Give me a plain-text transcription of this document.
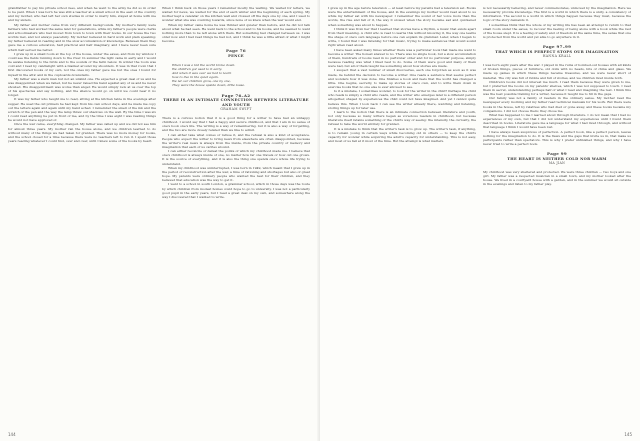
grandfather to pay his private school fees, and when he went to the army he did so in order to be paid. When I was born he was still a teacher at a small school in the east of the country and my mother, who had left her own studies in order to marry him, stayed at home with me and my sisters.

My father and mother came from very different backgrounds. My mother's family were farmers who had worked the same land for generations, while my father's people were clerks and schoolmasters who had moved from town to town with their books. In our house the two worlds met, and not always peacefully. My mother believed in hard work and plain speaking; my father believed in reading and in the slow accumulation of knowledge. Between them they gave me a curious education, half practical and half imaginary, and I have never been sure which half served me better.

I grew up in a small room at the top of the house, under the eaves, and from my window I could see the fields running down to the river. In summer the light came in early and I would lie awake listening to the birds and to the sounds of the farm below. In winter the room was cold and I read by candlelight with a blanket around my shoulders. It was in that room that I first discovered books of my own, not the ones my father gave me but the ones I found for myself in the attic and in the cupboards downstairs.

My father was a stern man but not an unkind one. He expected a great deal of us and he was disappointed when we failed, but he never raised his hand against any of us and he never shouted. His disappointment was worse than anger. He would simply look at us over the top of his spectacles and say nothing, and the silence would go on until we could bear it no longer.

It was my father who taught me to read, sitting at the kitchen table in the evenings after supper. He used the old primers he had kept from his own school days, and he made me copy out the letters again and again until my hand ached. I remember the smell of the ink and the scratch of the pen and the way the lamp threw our shadows on the wall. By the time I was six I could read anything he put in front of me, and by the time I was eight I was reading things he would not have approved of.

Once the war came, everything changed. My father was called up and we did not see him for almost three years. My mother ran the house alone, and we children learned to do without many of the things we had taken for granted. There was no more money for books, and the school closed for a time because there were no teachers left to run it. I spent those years reading whatever I could find, over and over, until I knew some of the books by heart.

When I think back on those years I remember mostly the waiting. We waited for letters, we waited for news, we waited for the end of each winter and the beginning of each spring. My mother kept a calendar on the kitchen wall and crossed off the days one by one, and I used to wonder what she was counting towards, since none of us knew when the war would end.

When my father came home he was thinner and quieter than before, and he did not talk about what he had seen. He went back to the school and to his books, and he seemed to want nothing more than to be left alone with them. But something had changed between us. I was older now and I had read things he had not, and I think he was a little afraid of what I might become.

Page 76
PENCE
When I was a kid the world broke down.
We children got used to it early.
And when it was over we had to learn
how to live in the quiet again.
We let our children grow, one by one,
They were the house upside down, little louse.
Page 76–A2
THERE IS AN INTIMATE CONNECTION BETWEEN LITERATURE AND YOUTH
GRAHAM SWIFT

There is a curious notion that it is a good thing for a writer to have had an unhappy childhood. I would say that I had a happy and secure childhood, and that I am in no sense of one's book one's life. The writing is a way of remembering, but it is also a way of forgetting, and the two are more closely related than we like to admit.

I can either take what comes or refuse it, and the refusal is also a kind of acceptance. People who expect the writer to bring news from elsewhere are often disappointed, because the writer's real news is always from the inside, from the private country of memory and imagination that each of us carries around.

I can either reconcile or defeat the points of which my childhood made me. I believe that one's childhood is always inside of one, no matter how far one travels or how old one grows. It is the source of everything, and it is also the thing one spends one's whole life trying to understand.

When my childhood was uninterrupted, I was born in 1949, which meant that I grew up in the period of reconstruction after the war, a time of rationing and shortages but also of great hope. My parents were ordinary people who wanted the best for their children, and they believed that education was the way to get it.

I went to a school in south London, a grammar school, which in those days was the route by which children from modest homes could hope to go to university. I was not a particularly good pupil in the early years, but I read a great deal on my own, and somewhere along the way I discovered that I wanted to write.

144

I grew up in the age before television — at least before my parents had a television set. Books were the entertainment of the house, and in the evenings my mother would read aloud to us while my father sat with his newspaper. I remember the sound of her voice more than the words, the rise and fall of it, the way it slowed when the story became sad and quickened when something was about to happen.

I think it was from her that I learned that stories have a rhythm, a music that exists apart from their meaning. A child who is read to learns this without knowing it, the way one learns the shape of one's own language before one can explain its grammar. Later, when I began to write, I found that I was listening for that music, trying to make sentences that would sound right when read aloud.

I have been asked many times whether there was a particular book that made me want to become a writer. The honest answer is no. There was no single book, but a slow accumulation of them, hundreds of books read in no particular order and for no particular purpose, simply because reading was what I liked best to do. Some of them were good and many of them were bad, but all of them taught me something about how stories are made.

I suspect that a vast number of small discoveries, each one forgotten as soon as it was made, lie behind the decision to become a writer. One reads a sentence that seems perfect and wonders how it was done. One finishes a book and feels that the world has changed a little. One begins, secretly, to make up stories of one's own, and to write them down in exercise books that no one else is ever allowed to see.

Is it a mistake, I sometimes wonder, to look for the writer in the child? Perhaps the child who reads is simply a child who reads, and the writer who emerges later is a different person altogether, shaped by experiences the child could not have imagined. And yet I cannot quite believe this. When I look back I can see the writer already there, watching and listening, storing things up for later use.

I learn to the notion that there is an intimate connection between literature and youth, not only because so many writers began as voracious readers in childhood, but because literature itself retains something of the child's way of seeing: the intensity, the curiosity, the refusal to take the world entirely for granted.

It is a mistake to think that the writer's task is to grow up. The writer's task, if anything, is to remain young in certain ways while becoming old in others — to keep the child's capacity for wonder while acquiring the adult's capacity for understanding. This is not easy, and most of us fail at it most of the time. But the attempt is what matters.

is not necessarily believing, and never commemorates, unmoved by the imagination. Here we necessarily provide knowledge. The first is a world in which there is a unity, a consistency of information. The second is a world in which things happen because they must, because the logic of the story demands it.

I sometimes think that the whole of my writing life has been an attempt to return to that small room under the eaves, to recover the feeling of being alone with a book while the rest of the house slept. It is a feeling of safety and of freedom at the same time, the sense that one is protected from the world and yet able to go anywhere in it.

Page 97–99
THAT WHICH IS PERFECT STOPS OUR IMAGINATION
HANNA KRALL

I was born eight years after the war. I played in the ruins of bombed-out houses with all kinds of broken things, pieces of furniture, old dolls with no heads, bits of china and glass. We made up games in which these things became treasures, and we were never short of material. The city was full of rubble and full of stories, and we children lived inside both.

Children's books did not interest me much. I read them because they were given to me, but I preferred the books on my parents' shelves, which I was not supposed to touch. I read them in secret, understanding perhaps half of what I read and imagining the rest. I think this was the best possible training for a writer, because it taught me to fill in the gaps.

Our family was not a family of readers in the ordinary sense. My mother read the newspaper every morning and my father read technical manuals for his work. But there were books in the house, left by relatives who had died or gone away, and these books became my companions. I did not choose them; they chose me.

What has happened to me I learned about through literature. I do not mean that I had no experiences of my own, but that I did not understand my experiences until I found them described in books. Literature gave me a language for what I had lived through, and without that language I think I would have been lost.

I have always been suspicious of perfection. A perfect book, like a perfect person, leaves nothing for the imagination to do. It is the flaws and the gaps that invite us in, that make us participants rather than spectators. This is why I prefer unfinished things, and why I have never tried to write a perfect book.

Page 99
THE HEART IS NEITHER COLD NOR WARM
MA JIAN

My childhood was very sheltered and protected. We were three children — two boys and one girl. My father was a respected musician in a small town, and my mother looked after the house. We lived in a courtyard house with a garden, and in the summer we would sit outside in the evenings and listen to my father play.

145
